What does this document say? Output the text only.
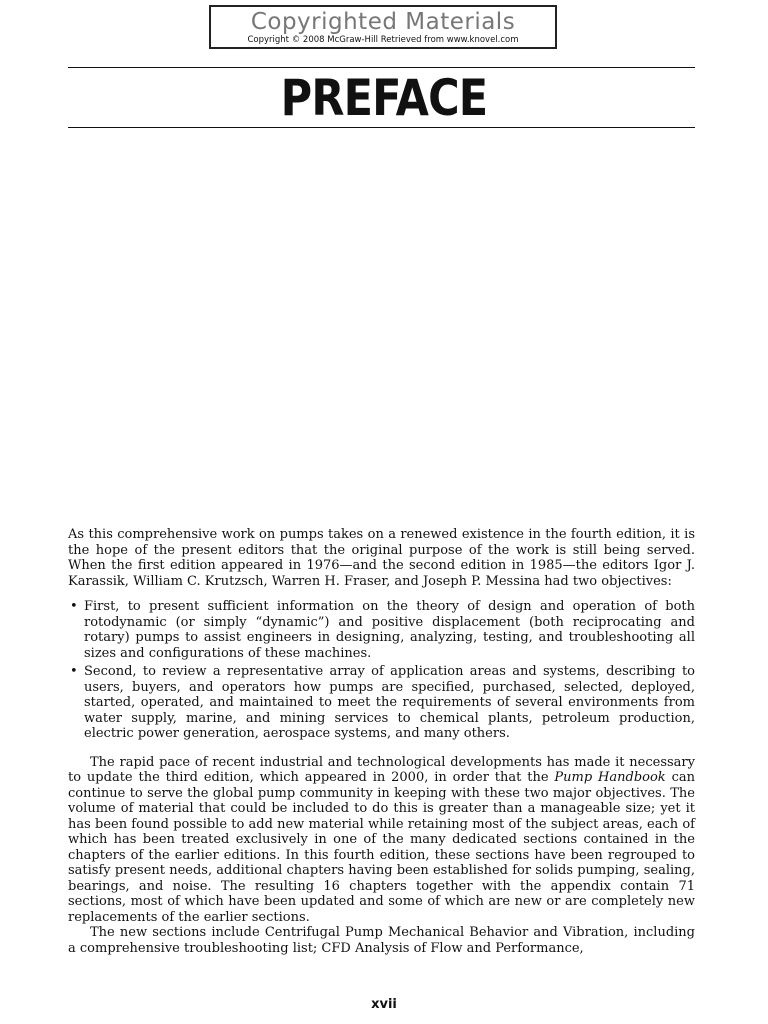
Copyrighted Materials
Copyright © 2008 McGraw-Hill Retrieved from www.knovel.com
PREFACE

As this comprehensive work on pumps takes on a renewed existence in the fourth edition, it is the hope of the present editors that the original purpose of the work is still being served. When the first edition appeared in 1976—and the second edition in 1985—the editors Igor J. Karassik, William C. Krutzsch, Warren H. Fraser, and Joseph P. Messina had two objectives:

• First, to present sufficient information on the theory of design and operation of both rotodynamic (or simply “dynamic”) and positive displacement (both reciprocating and rotary) pumps to assist engineers in designing, analyzing, testing, and troubleshooting all sizes and configurations of these machines.
• Second, to review a representative array of application areas and systems, describing to users, buyers, and operators how pumps are specified, purchased, selected, deployed, started, operated, and maintained to meet the requirements of several environments from water supply, marine, and mining services to chemical plants, petroleum production, electric power generation, aerospace systems, and many others.

The rapid pace of recent industrial and technological developments has made it necessary to update the third edition, which appeared in 2000, in order that the Pump Handbook can continue to serve the global pump community in keeping with these two major objectives. The volume of material that could be included to do this is greater than a manageable size; yet it has been found possible to add new material while retaining most of the subject areas, each of which has been treated exclusively in one of the many dedicated sections contained in the chapters of the earlier editions. In this fourth edition, these sections have been regrouped to satisfy present needs, additional chapters having been established for solids pumping, sealing, bearings, and noise. The resulting 16 chapters together with the appendix contain 71 sections, most of which have been updated and some of which are new or are completely new replacements of the earlier sections.

The new sections include Centrifugal Pump Mechanical Behavior and Vibration, including a comprehensive troubleshooting list; CFD Analysis of Flow and Performance,

xvii
